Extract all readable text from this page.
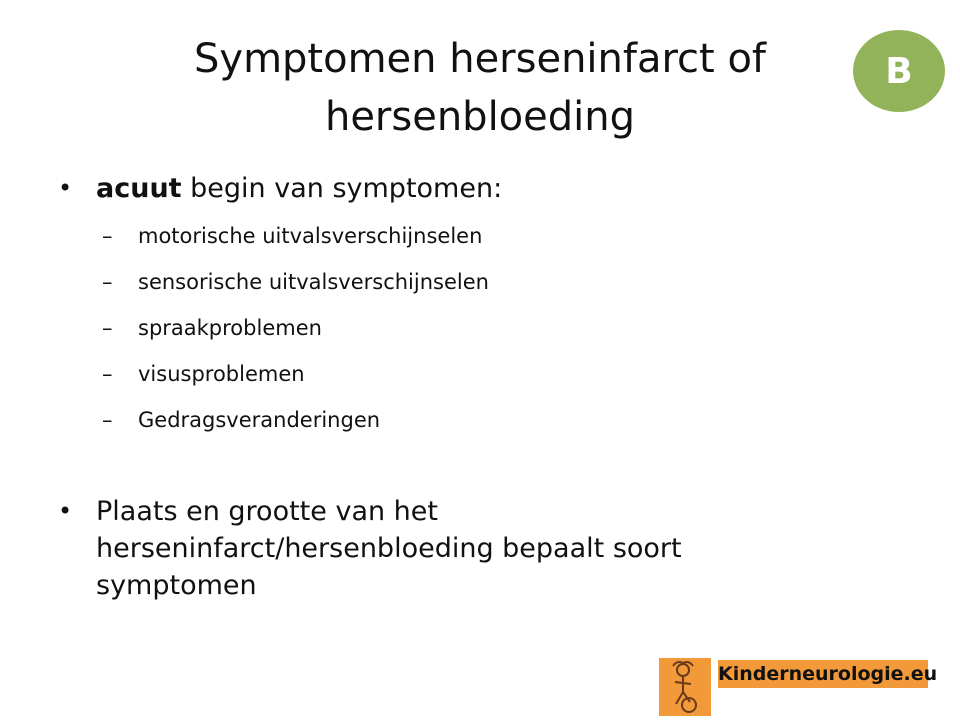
Symptomen herseninfarct of
hersenbloeding
B
• acuut begin van symptomen:
– motorische uitvalsverschijnselen
– sensorische uitvalsverschijnselen
– spraakproblemen
– visusproblemen
– Gedragsveranderingen
• Plaats en grootte van het
herseninfarct/hersenbloeding bepaalt soort
symptomen
Kinderneurologie.eu
